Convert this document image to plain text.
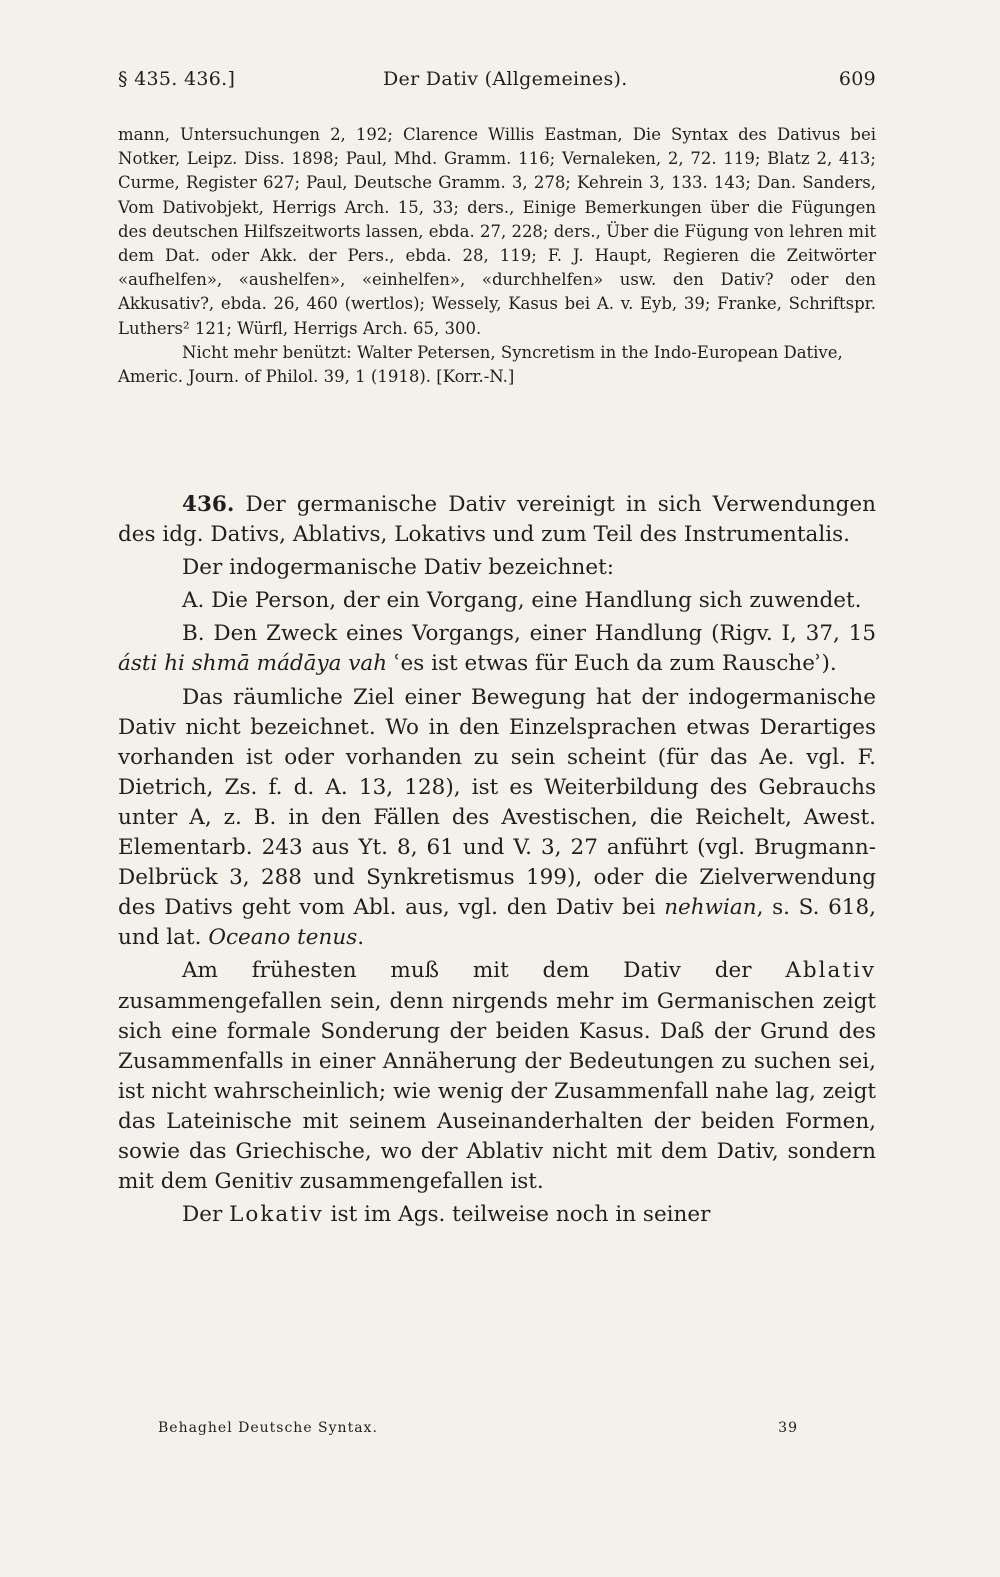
§ 435. 436.]	Der Dativ (Allgemeines).	609

mann, Untersuchungen 2, 192; Clarence Willis Eastman, Die Syntax des Dativus bei Notker, Leipz. Diss. 1898; Paul, Mhd. Gramm. 116; Vernaleken, 2, 72. 119; Blatz 2, 413; Curme, Register 627; Paul, Deutsche Gramm. 3, 278; Kehrein 3, 133. 143; Dan. Sanders, Vom Dativobjekt, Herrigs Arch. 15, 33; ders., Einige Bemerkungen über die Fügungen des deutschen Hilfszeitworts lassen, ebda. 27, 228; ders., Über die Fügung von lehren mit dem Dat. oder Akk. der Pers., ebda. 28, 119; F. J. Haupt, Regieren die Zeitwörter «aufhelfen», «aushelfen», «einhelfen», «durchhelfen» usw. den Dativ? oder den Akkusativ?, ebda. 26, 460 (wertlos); Wessely, Kasus bei A. v. Eyb, 39; Franke, Schriftspr. Luthers² 121; Würfl, Herrigs Arch. 65, 300.

Nicht mehr benützt: Walter Petersen, Syncretism in the Indo-European Dative, Americ. Journ. of Philol. 39, 1 (1918). [Korr.-N.]

436. Der germanische Dativ vereinigt in sich Verwendungen des idg. Dativs, Ablativs, Lokativs und zum Teil des Instrumentalis.

Der indogermanische Dativ bezeichnet:

A. Die Person, der ein Vorgang, eine Handlung sich zuwendet.

B. Den Zweck eines Vorgangs, einer Handlung (Rigv. I, 37, 15 ásti hi shmā mádāya vah ʿes ist etwas für Euch da zum Rauscheʾ).

Das räumliche Ziel einer Bewegung hat der indogermanische Dativ nicht bezeichnet. Wo in den Einzelsprachen etwas Derartiges vorhanden ist oder vorhanden zu sein scheint (für das Ae. vgl. F. Dietrich, Zs. f. d. A. 13, 128), ist es Weiterbildung des Gebrauchs unter A, z. B. in den Fällen des Avestischen, die Reichelt, Awest. Elementarb. 243 aus Yt. 8, 61 und V. 3, 27 anführt (vgl. Brugmann-Delbrück 3, 288 und Synkretismus 199), oder die Zielverwendung des Dativs geht vom Abl. aus, vgl. den Dativ bei nehwian, s. S. 618, und lat. Oceano tenus.

Am frühesten muß mit dem Dativ der Ablativ zusammengefallen sein, denn nirgends mehr im Germanischen zeigt sich eine formale Sonderung der beiden Kasus. Daß der Grund des Zusammenfalls in einer Annäherung der Bedeutungen zu suchen sei, ist nicht wahrscheinlich; wie wenig der Zusammenfall nahe lag, zeigt das Lateinische mit seinem Auseinanderhalten der beiden Formen, sowie das Griechische, wo der Ablativ nicht mit dem Dativ, sondern mit dem Genitiv zusammengefallen ist.

Der Lokativ ist im Ags. teilweise noch in seiner

Behaghel Deutsche Syntax.	39
